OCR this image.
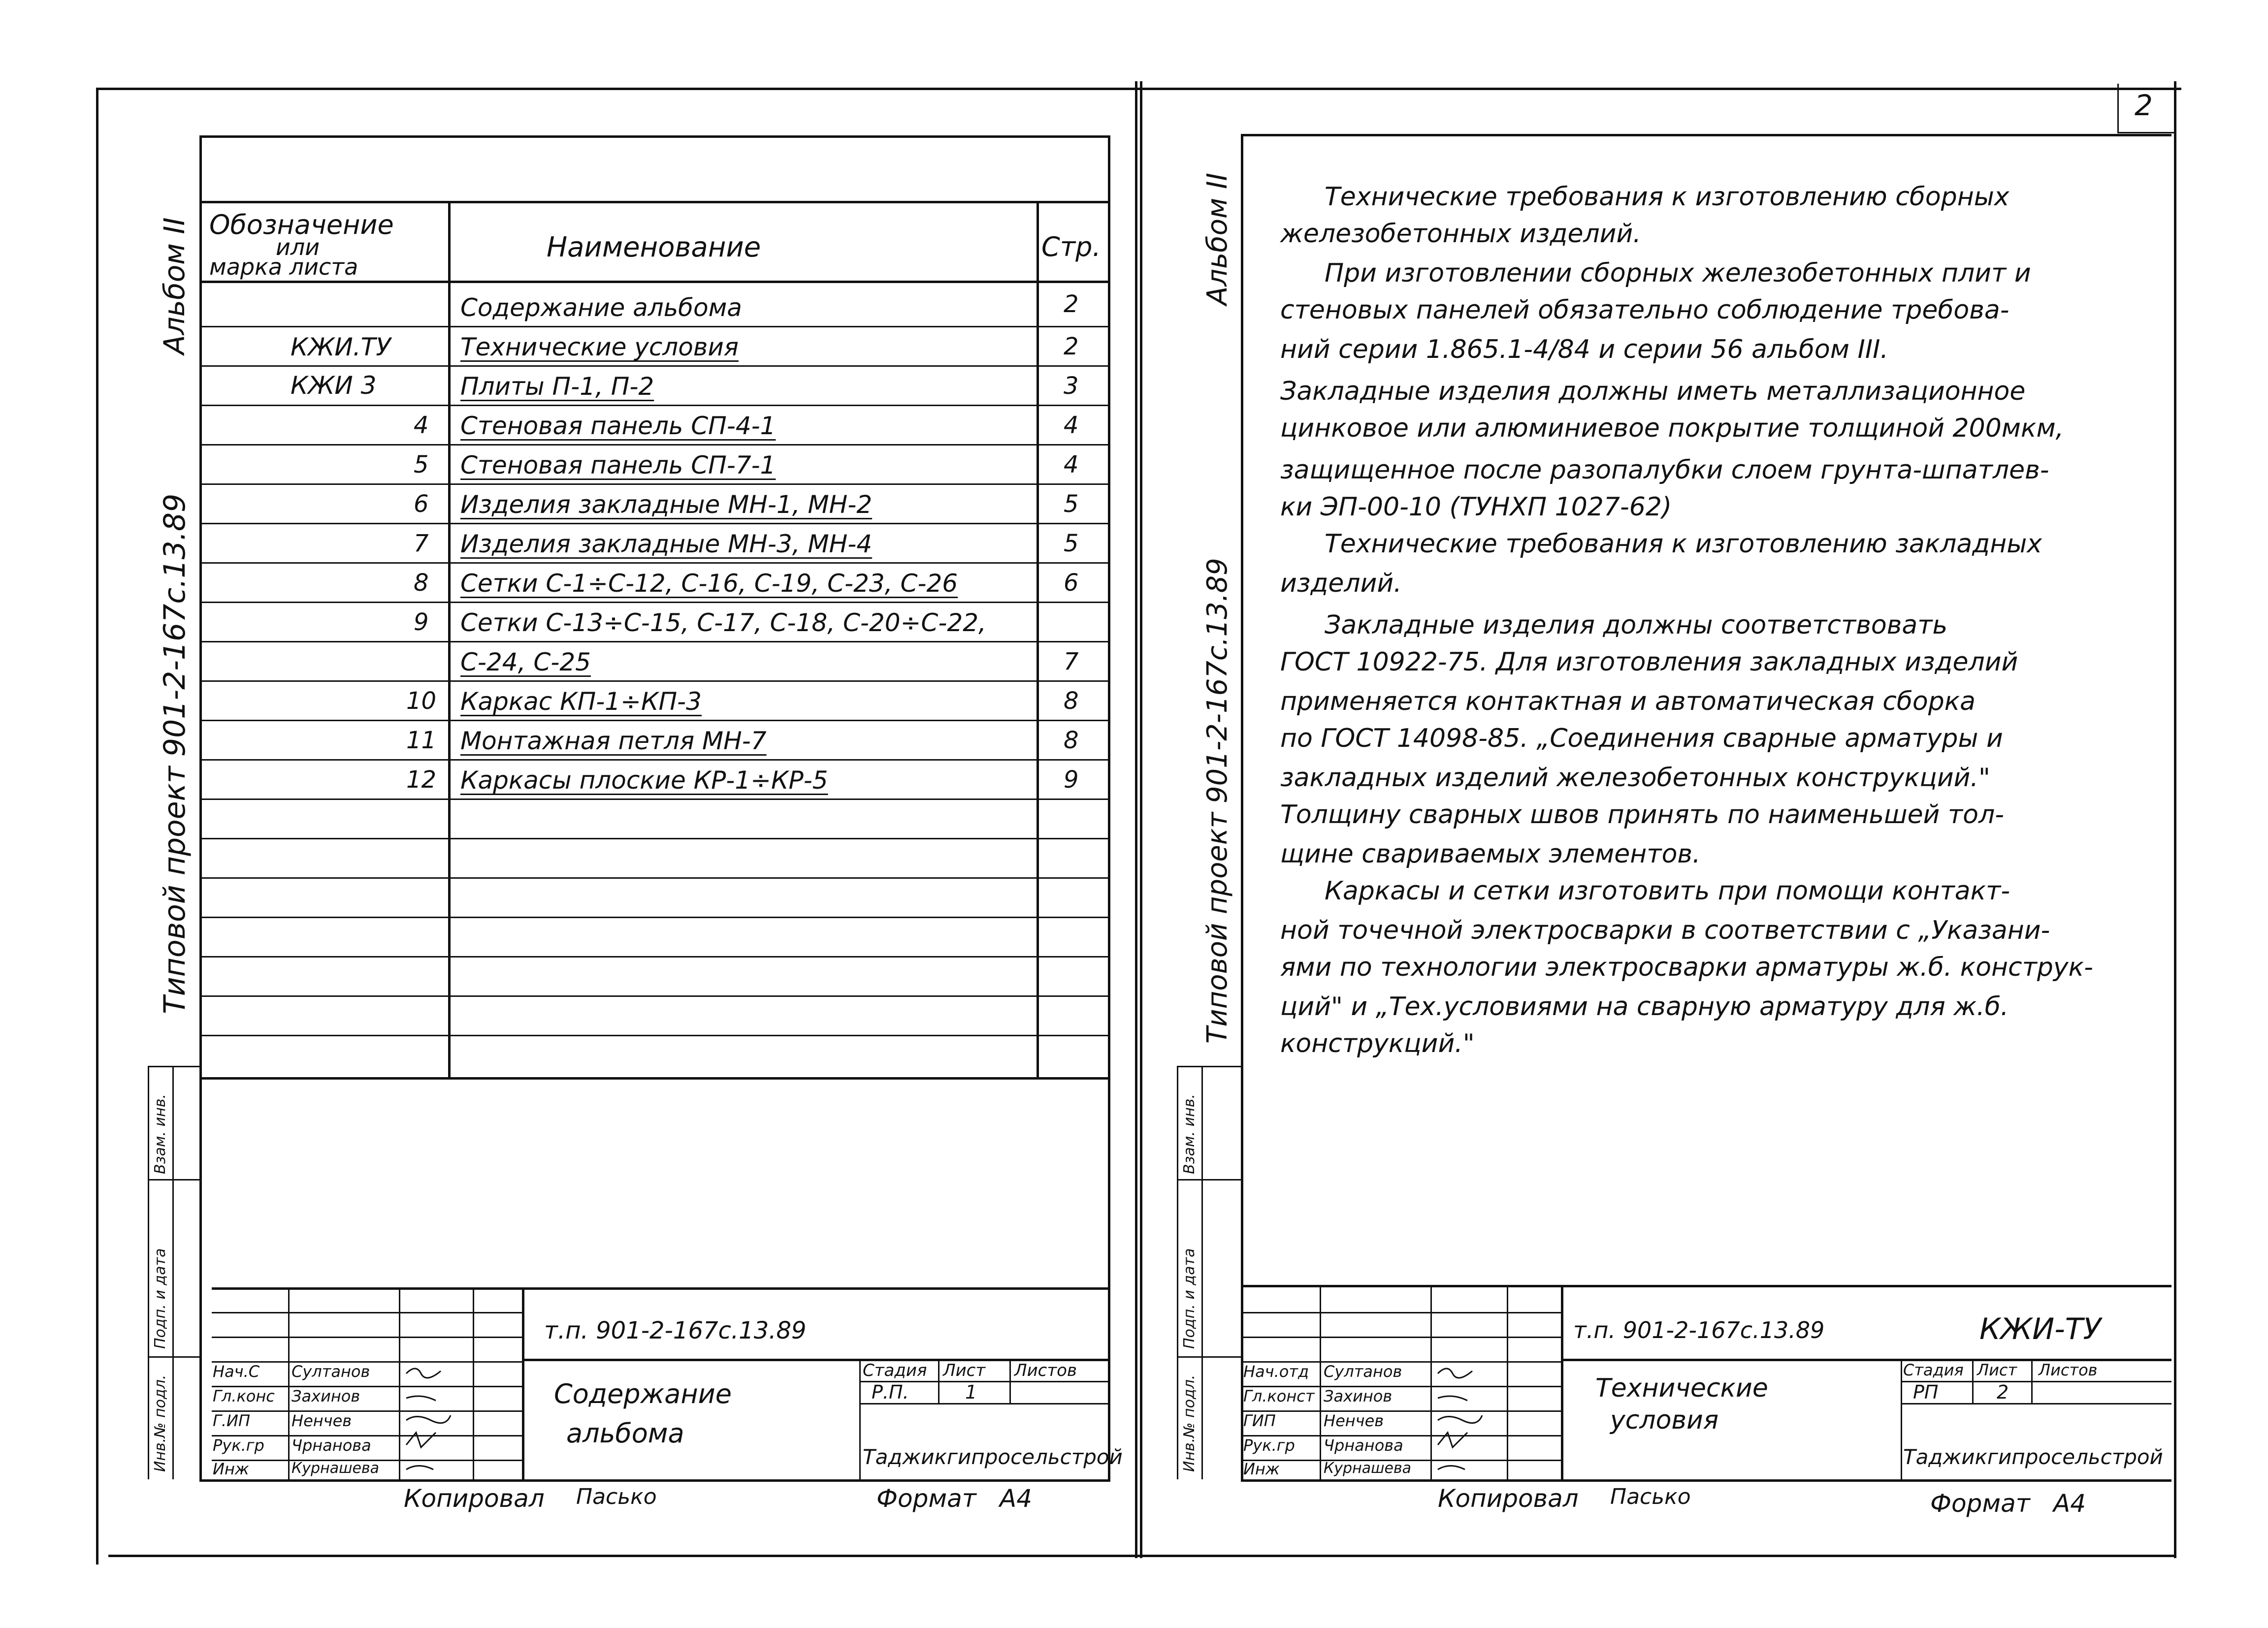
2
Альбом II
Типовой проект 901-2-167с.13.89
Обозначение
или
марка листа
Наименование	Стр.
Содержание альбома	2
КЖИ.ТУ	Технические условия	2
КЖИ 3	Плиты П-1, П-2	3
4 Стеновая панель СП-4-1	4
5 Стеновая панель СП-7-1	4
6 Изделия закладные МН-1, МН-2	5
7 Изделия закладные МН-3, МН-4	5
8 Сетки С-1÷С-12, С-16, С-19, С-23, С-26	6
9 Сетки С-13÷С-15, С-17, С-18, С-20÷С-22,
С-24, С-25	7
10 Каркас КП-1÷КП-3	8
11 Монтажная петля МН-7	8
12 Каркасы плоские КР-1÷КР-5	9
Инв.№ подл.
Подп. и дата
Взам. инв.
т.п. 901-2-167с.13.89
Содержание
альбома
Стадия Лист Листов
Р.П.	1
Таджикгипросельстрой
Нач.С
Гл.конс
Г.ИП
Рук.гр
Инж
Султанов
Захинов
Ненчев
Чрнанова
Курнашева
Копировал Пасько	Формат А4
Альбом II
Типовой проект 901-2-167с.13.89
Технические требования к изготовлению сборных
железобетонных изделий.
При изготовлении сборных железобетонных плит и
стеновых панелей обязательно соблюдение требова-
ний серии 1.865.1-4/84 и серии 56 альбом III.
Закладные изделия должны иметь металлизационное
цинковое или алюминиевое покрытие толщиной 200мкм,
защищенное после разопалубки слоем грунта-шпатлев-
ки ЭП-00-10 (ТУНХП 1027-62)
Технические требования к изготовлению закладных
изделий.
Закладные изделия должны соответствовать
ГОСТ 10922-75. Для изготовления закладных изделий
применяется контактная и автоматическая сборка
по ГОСТ 14098-85. „Соединения сварные арматуры и
закладных изделий железобетонных конструкций."
Толщину сварных швов принять по наименьшей тол-
щине свариваемых элементов.
Каркасы и сетки изготовить при помощи контакт-
ной точечной электросварки в соответствии с „Указани-
ями по технологии электросварки арматуры ж.б. конструк-
ций" и „Тех.условиями на сварную арматуру для ж.б.
конструкций."
Инв.№ подл.
Подп. и дата
Взам. инв.
т.п. 901-2-167с.13.89	КЖИ-ТУ
Технические
условия
Стадия Лист Листов
РП	2
Таджикгипросельстрой
Нач.отд
Гл.конст
ГИП
Рук.гр
Инж
Султанов
Захинов
Ненчев
Чрнанова
Курнашева
Копировал Пасько	Формат А4
